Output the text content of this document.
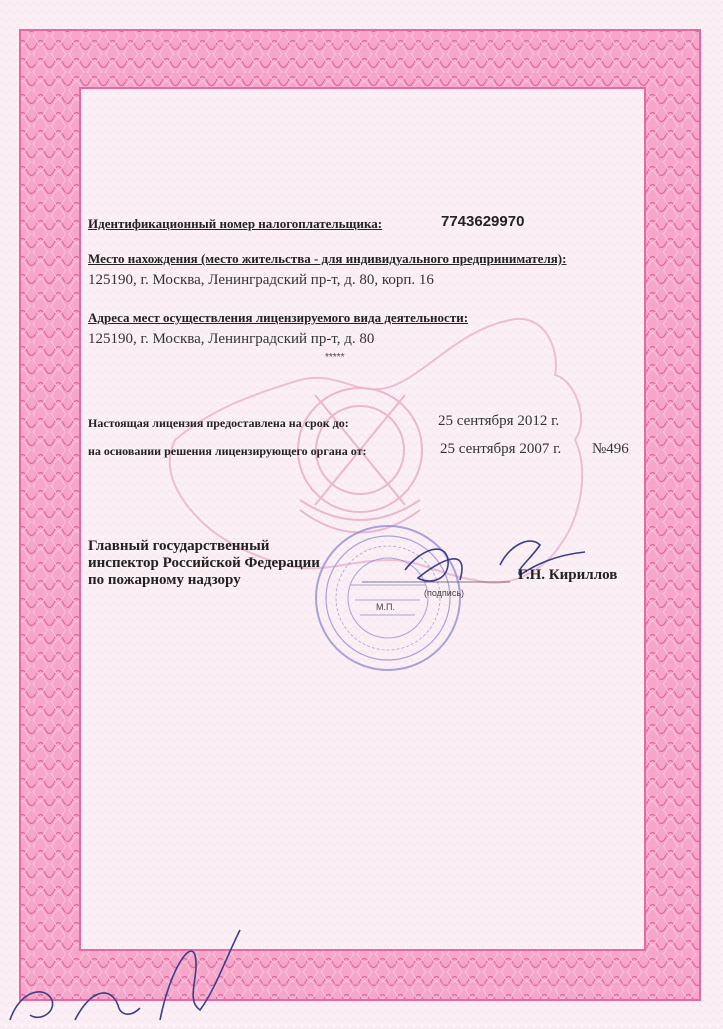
Идентификационный номер налогоплательщика:	7743629970
Место нахождения (место жительства - для индивидуального предпринимателя):
125190, г. Москва, Ленинградский пр-т, д. 80, корп. 16
Адреса мест осуществления лицензируемого вида деятельности:
125190, г. Москва, Ленинградский пр-т, д. 80
*****
Настоящая лицензия предоставлена на срок до:	25 сентября 2012 г.
на основании решения лицензирующего органа от:	25 сентября 2007 г. №496
Главный государственный
инспектор Российской Федерации
по пожарному надзору	Г.Н. Кириллов
(подпись)
М.П.
